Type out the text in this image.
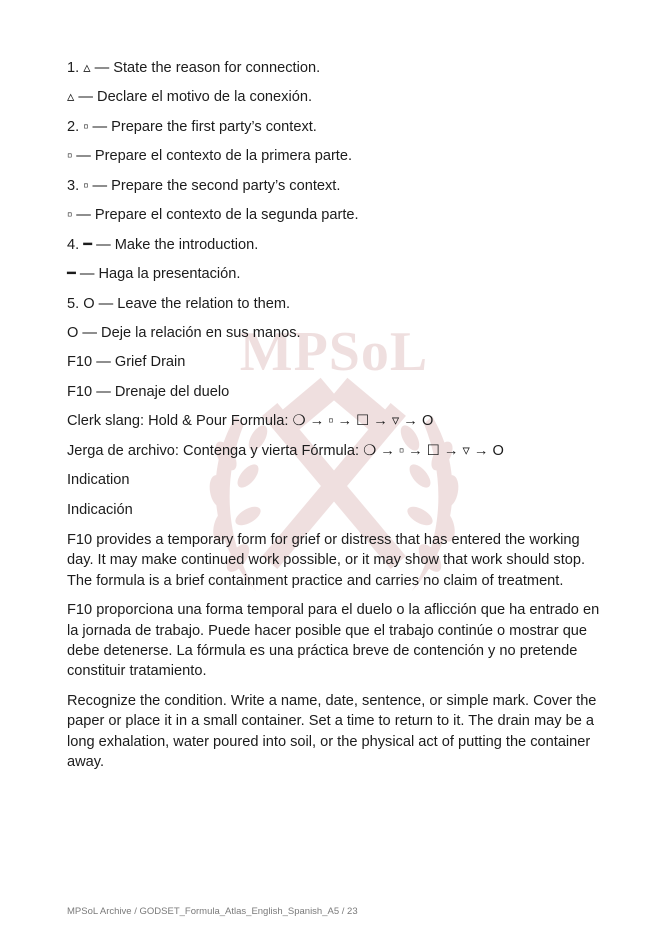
MPSoL
1. ▵ — State the reason for connection.
▵ — Declare el motivo de la conexión.
2. ▫ — Prepare the first party’s context.
▫ — Prepare el contexto de la primera parte.
3. ▫ — Prepare the second party’s context.
▫ — Prepare el contexto de la segunda parte.
4. ━ — Make the introduction.
━ — Haga la presentación.
5. O — Leave the relation to them.
O — Deje la relación en sus manos.
F10 — Grief Drain
F10 — Drenaje del duelo
Clerk slang: Hold & Pour Formula: ❍ → ▫ → ☐ → ▿ → O
Jerga de archivo: Contenga y vierta Fórmula: ❍ → ▫ → ☐ → ▿ → O
Indication
Indicación

F10 provides a temporary form for grief or distress that has entered the working day. It may make continued work possible, or it may show that work should stop. The formula is a brief containment practice and carries no claim of treatment.

F10 proporciona una forma temporal para el duelo o la aflicción que ha entrado en la jornada de trabajo. Puede hacer posible que el trabajo continúe o mostrar que debe detenerse. La fórmula es una práctica breve de contención y no pretende constituir tratamiento.

Recognize the condition. Write a name, date, sentence, or simple mark. Cover the paper or place it in a small container. Set a time to return to it. The drain may be a long exhalation, water poured into soil, or the physical act of putting the container away.

MPSoL Archive / GODSET_Formula_Atlas_English_Spanish_A5 / 23
